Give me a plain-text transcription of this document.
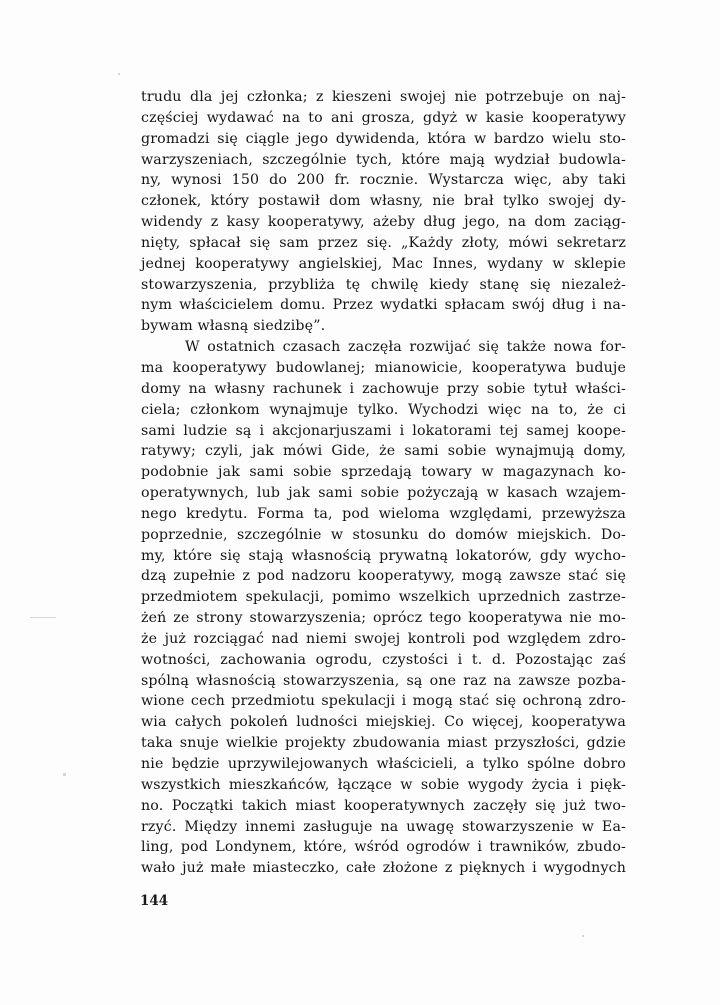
trudu dla jej członka; z kieszeni swojej nie potrzebuje on naj-
częściej wydawać na to ani grosza, gdyż w kasie kooperatywy
gromadzi się ciągle jego dywidenda, która w bardzo wielu sto-
warzyszeniach, szczególnie tych, które mają wydział budowla-
ny, wynosi 150 do 200 fr. rocznie. Wystarcza więc, aby taki
członek, który postawił dom własny, nie brał tylko swojej dy-
widendy z kasy kooperatywy, ażeby dług jego, na dom zaciąg-
nięty, spłacał się sam przez się. „Każdy złoty, mówi sekretarz
jednej kooperatywy angielskiej, Mac Innes, wydany w sklepie
stowarzyszenia, przybliża tę chwilę kiedy stanę się niezależ-
nym właścicielem domu. Przez wydatki spłacam swój dług i na-
bywam własną siedzibę”.
W ostatnich czasach zaczęła rozwijać się także nowa for-
ma kooperatywy budowlanej; mianowicie, kooperatywa buduje
domy na własny rachunek i zachowuje przy sobie tytuł właści-
ciela; członkom wynajmuje tylko. Wychodzi więc na to, że ci
sami ludzie są i akcjonarjuszami i lokatorami tej samej koope-
ratywy; czyli, jak mówi Gide, że sami sobie wynajmują domy,
podobnie jak sami sobie sprzedają towary w magazynach ko-
operatywnych, lub jak sami sobie pożyczają w kasach wzajem-
nego kredytu. Forma ta, pod wieloma względami, przewyższa
poprzednie, szczególnie w stosunku do domów miejskich. Do-
my, które się stają własnością prywatną lokatorów, gdy wycho-
dzą zupełnie z pod nadzoru kooperatywy, mogą zawsze stać się
przedmiotem spekulacji, pomimo wszelkich uprzednich zastrze-
żeń ze strony stowarzyszenia; oprócz tego kooperatywa nie mo-
że już rozciągać nad niemi swojej kontroli pod względem zdro-
wotności, zachowania ogrodu, czystości i t. d. Pozostając zaś
spólną własnością stowarzyszenia, są one raz na zawsze pozba-
wione cech przedmiotu spekulacji i mogą stać się ochroną zdro-
wia całych pokoleń ludności miejskiej. Co więcej, kooperatywa
taka snuje wielkie projekty zbudowania miast przyszłości, gdzie
nie będzie uprzywilejowanych właścicieli, a tylko spólne dobro
wszystkich mieszkańców, łączące w sobie wygody życia i pięk-
no. Początki takich miast kooperatywnych zaczęły się już two-
rzyć. Między innemi zasługuje na uwagę stowarzyszenie w Ea-
ling, pod Londynem, które, wśród ogrodów i trawników, zbudo-
wało już małe miasteczko, całe złożone z pięknych i wygodnych
144
